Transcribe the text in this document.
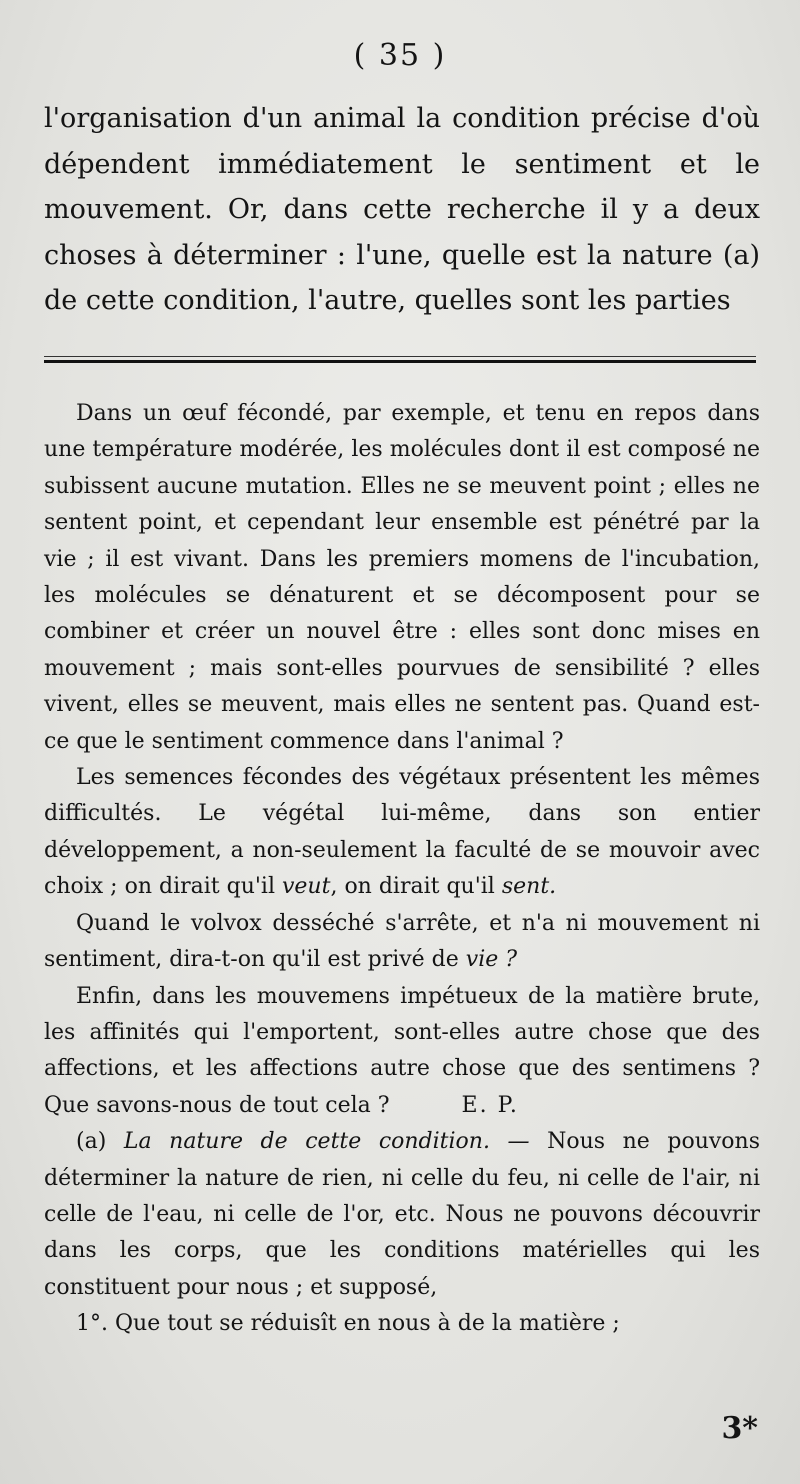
( 35 )

l'organisation d'un animal la condition précise d'où dépendent immédiatement le sentiment et le mouvement. Or, dans cette recherche il y a deux choses à déterminer : l'une, quelle est la nature (a) de cette condition, l'autre, quelles sont les parties

Dans un œuf fécondé, par exemple, et tenu en repos dans une température modérée, les molécules dont il est composé ne subissent aucune mutation. Elles ne se meuvent point ; elles ne sentent point, et cependant leur ensemble est pénétré par la vie ; il est vivant. Dans les premiers momens de l'incubation, les molécules se dénaturent et se décomposent pour se combiner et créer un nouvel être : elles sont donc mises en mouvement ; mais sont-elles pourvues de sensibilité ? elles vivent, elles se meuvent, mais elles ne sentent pas. Quand est-ce que le sentiment commence dans l'animal ?

Les semences fécondes des végétaux présentent les mêmes difficultés. Le végétal lui-même, dans son entier développement, a non-seulement la faculté de se mouvoir avec choix ; on dirait qu'il veut, on dirait qu'il sent.

Quand le volvox desséché s'arrête, et n'a ni mouvement ni sentiment, dira-t-on qu'il est privé de vie ?

Enfin, dans les mouvemens impétueux de la matière brute, les affinités qui l'emportent, sont-elles autre chose que des affections, et les affections autre chose que des sentimens ? Que savons-nous de tout cela ?	E. P.

(a) La nature de cette condition. — Nous ne pouvons déterminer la nature de rien, ni celle du feu, ni celle de l'air, ni celle de l'eau, ni celle de l'or, etc. Nous ne pouvons découvrir dans les corps, que les conditions matérielles qui les constituent pour nous ; et supposé,

1°. Que tout se réduisît en nous à de la matière ;

3*
